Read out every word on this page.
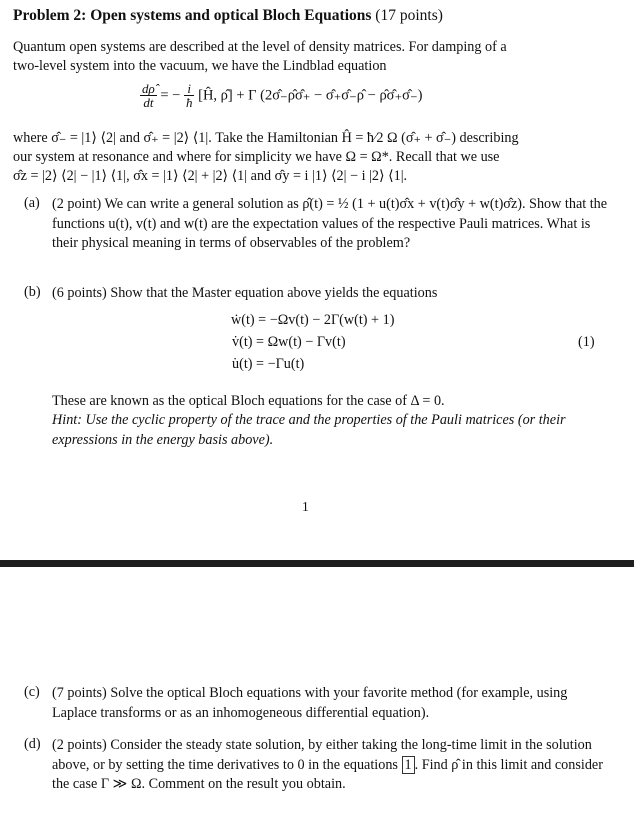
Problem 2: Open systems and optical Bloch Equations (17 points)
Quantum open systems are described at the level of density matrices. For damping of a
two-level system into the vacuum, we have the Lindblad equation
$\frac{d\rhô}{dt}$ = − $\frac{i}{ħ}$ [Ĥ, ρ̂] + Γ (2σ̂₋ρ̂σ̂₊ − σ̂₊σ̂₋ρ̂ − ρ̂σ̂₊σ̂₋)
where σ̂₋ = |1⟩ ⟨2| and σ̂₊ = |2⟩ ⟨1|. Take the Hamiltonian Ĥ = ħ⁄2 Ω (σ̂₊ + σ̂₋) describing
our system at resonance and where for simplicity we have Ω = Ω*. Recall that we use
σ̂z = |2⟩ ⟨2| − |1⟩ ⟨1|, σ̂x = |1⟩ ⟨2| + |2⟩ ⟨1| and σ̂y = i |1⟩ ⟨2| − i |2⟩ ⟨1|.
(a) (2 point) We can write a general solution as ρ̂(t) = ½ (1 + u(t)σ̂x + v(t)σ̂y + w(t)σ̂z). Show that the functions u(t), v(t) and w(t) are the expectation values of the respective Pauli matrices. What is their physical meaning in terms of observables of the problem?
(b) (6 points) Show that the Master equation above yields the equations
ẇ(t) = −Ωv(t) − 2Γ(w(t) + 1)
v̇(t) = Ωw(t) − Γv(t)
u̇(t) = −Γu(t)
(1)
These are known as the optical Bloch equations for the case of Δ = 0.
Hint: Use the cyclic property of the trace and the properties of the Pauli matrices (or their expressions in the energy basis above).
1
(c) (7 points) Solve the optical Bloch equations with your favorite method (for example, using Laplace transforms or as an inhomogeneous differential equation).
(d) (2 points) Consider the steady state solution, by either taking the long-time limit in the solution above, or by setting the time derivatives to 0 in the equations 1 . Find ρ̂ in this limit and consider the case Γ ≫ Ω. Comment on the result you obtain.
